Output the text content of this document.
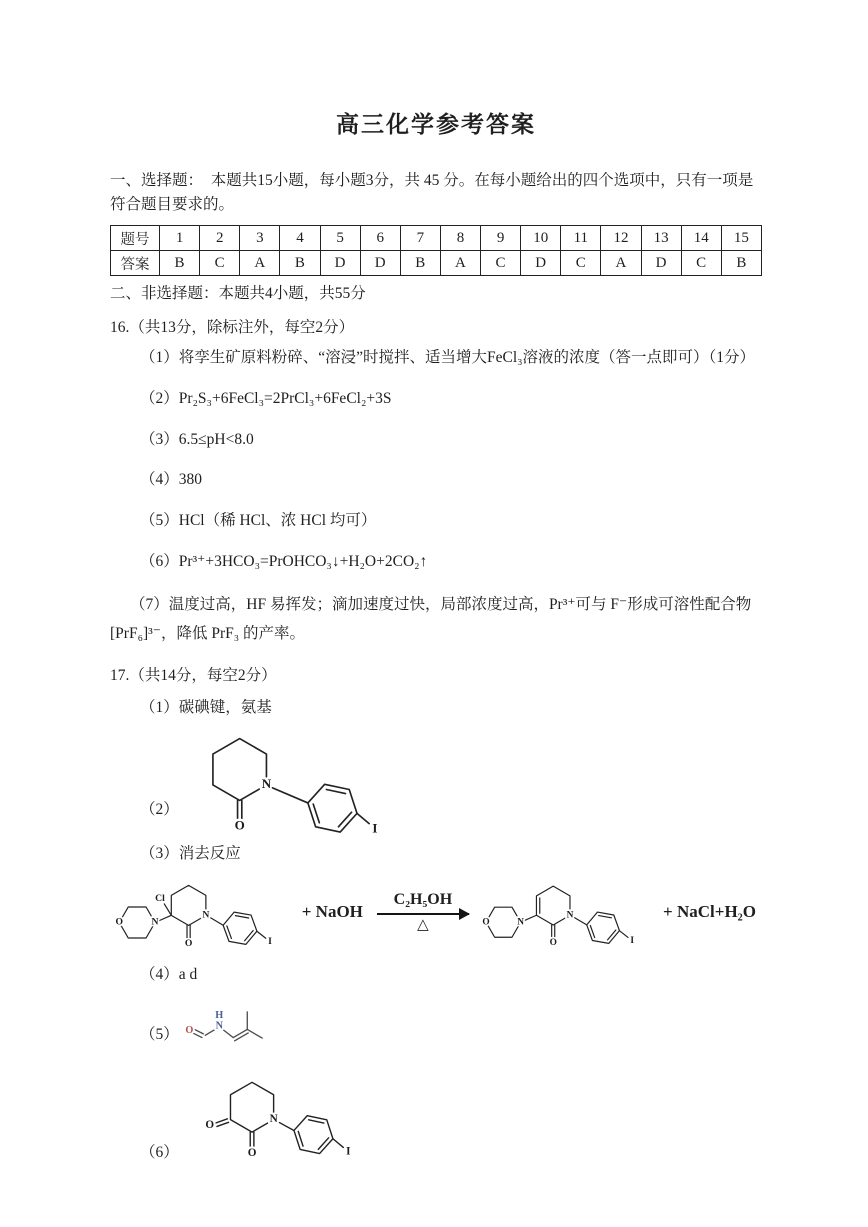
高三化学参考答案

一、选择题：　本题共15小题，每小题3分，共 45 分。在每小题给出的四个选项中，只有一项是符合题目要求的。

题号	1	2	3	4	5	6	7	8	9	10	11	12	13	14	15
答案	B	C	A	B	D	D	B	A	C	D	C	A	D	C	B

二、非选择题：本题共4小题，共55分

16.（共13分，除标注外，每空2分）

（1）将孪生矿原料粉碎、“溶浸”时搅拌、适当增大FeCl₃溶液的浓度（答一点即可）（1分）

（2）Pr₂S₃+6FeCl₃=2PrCl₃+6FeCl₂+3S

（3）6.5≤pH<8.0

（4）380

（5）HCl（稀 HCl、浓 HCl 均可）

（6）Pr³⁺+3HCO₃=PrOHCO₃↓+H₂O+2CO₂↑

（7）温度过高，HF 易挥发；滴加速度过快，局部浓度过高，Pr³⁺可与 F⁻形成可溶性配合物[PrF₆]³⁻，降低 PrF₃ 的产率。

17.（共14分，每空2分）

（1）碳碘键，氨基

（2）
N
O	I

（3）消去反应

N
O
Cl
N
O
I
+ NaOH
C₂H₅OH
△
N
O
N
O
I
+ NaCl+H₂O

（4）a d

（5） O N
H
（6）
N
O
O
I
